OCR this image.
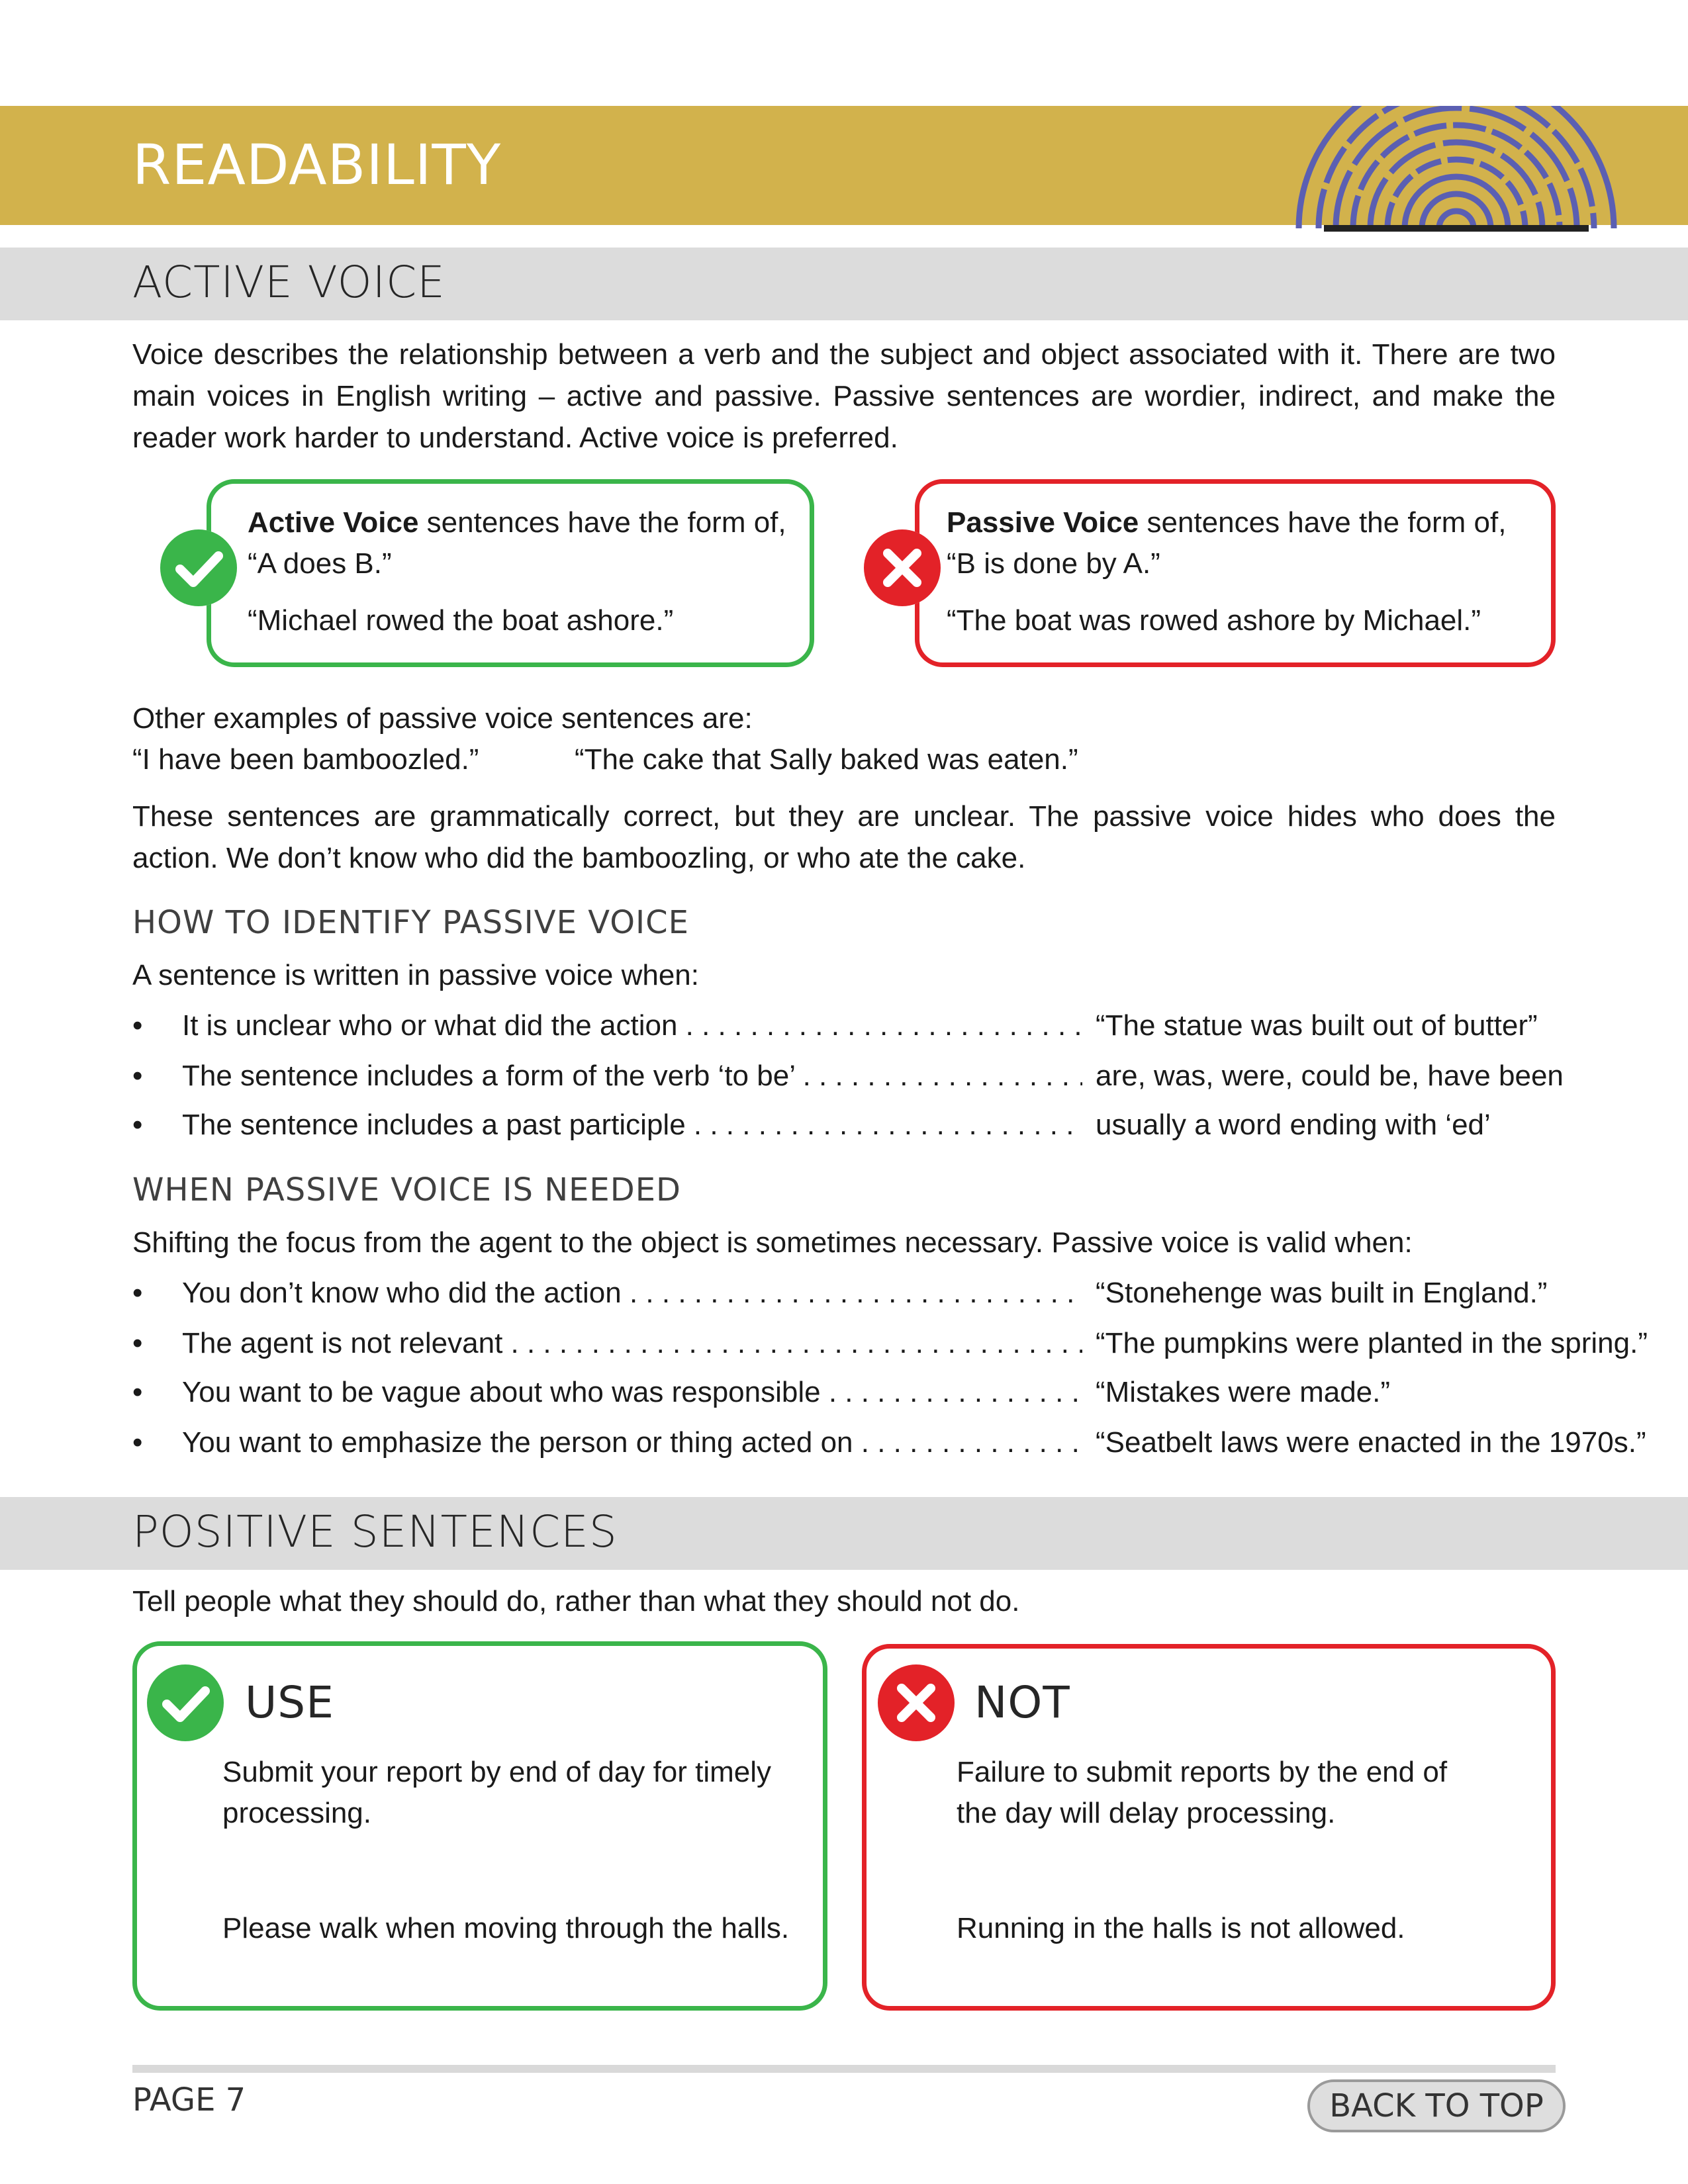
READABILITY
ACTIVE VOICE

Voice describes the relationship between a verb and the subject and object associated with it. There are two main voices in English writing – active and passive. Passive sentences are wordier, indirect, and make the reader work harder to understand. Active voice is preferred.

Active Voice sentences have the form of,

“A does B.”

“Michael rowed the boat ashore.”

Passive Voice sentences have the form of,

“B is done by A.”

“The boat was rowed ashore by Michael.”

Other examples of passive voice sentences are:

“I have been bamboozled.”	“The cake that Sally baked was eaten.”

These sentences are grammatically correct, but they are unclear. The passive voice hides who does the action. We don’t know who did the bamboozling, or who ate the cake.

HOW TO IDENTIFY PASSIVE VOICE

A sentence is written in passive voice when:

• It is unclear who or what did the action . . .	“The statue was built out of butter”
• The sentence includes a form of the verb ‘to be’ . . .	are, was, were, could be, have been
• The sentence includes a past participle . . .	usually a word ending with ‘ed’
WHEN PASSIVE VOICE IS NEEDED

Shifting the focus from the agent to the object is sometimes necessary. Passive voice is valid when:

• You don’t know who did the action . . .	“Stonehenge was built in England.”
• The agent is not relevant . . .	“The pumpkins were planted in the spring.”
• You want to be vague about who was responsible . . .	“Mistakes were made.”
• You want to emphasize the person or thing acted on . . .	“Seatbelt laws were enacted in the 1970s.”
POSITIVE SENTENCES

Tell people what they should do, rather than what they should not do.

USE

Submit your report by end of day for timely

processing.

Please walk when moving through the halls.

NOT

Failure to submit reports by the end of

the day will delay processing.

Running in the halls is not allowed.

PAGE 7	BACK TO TOP
